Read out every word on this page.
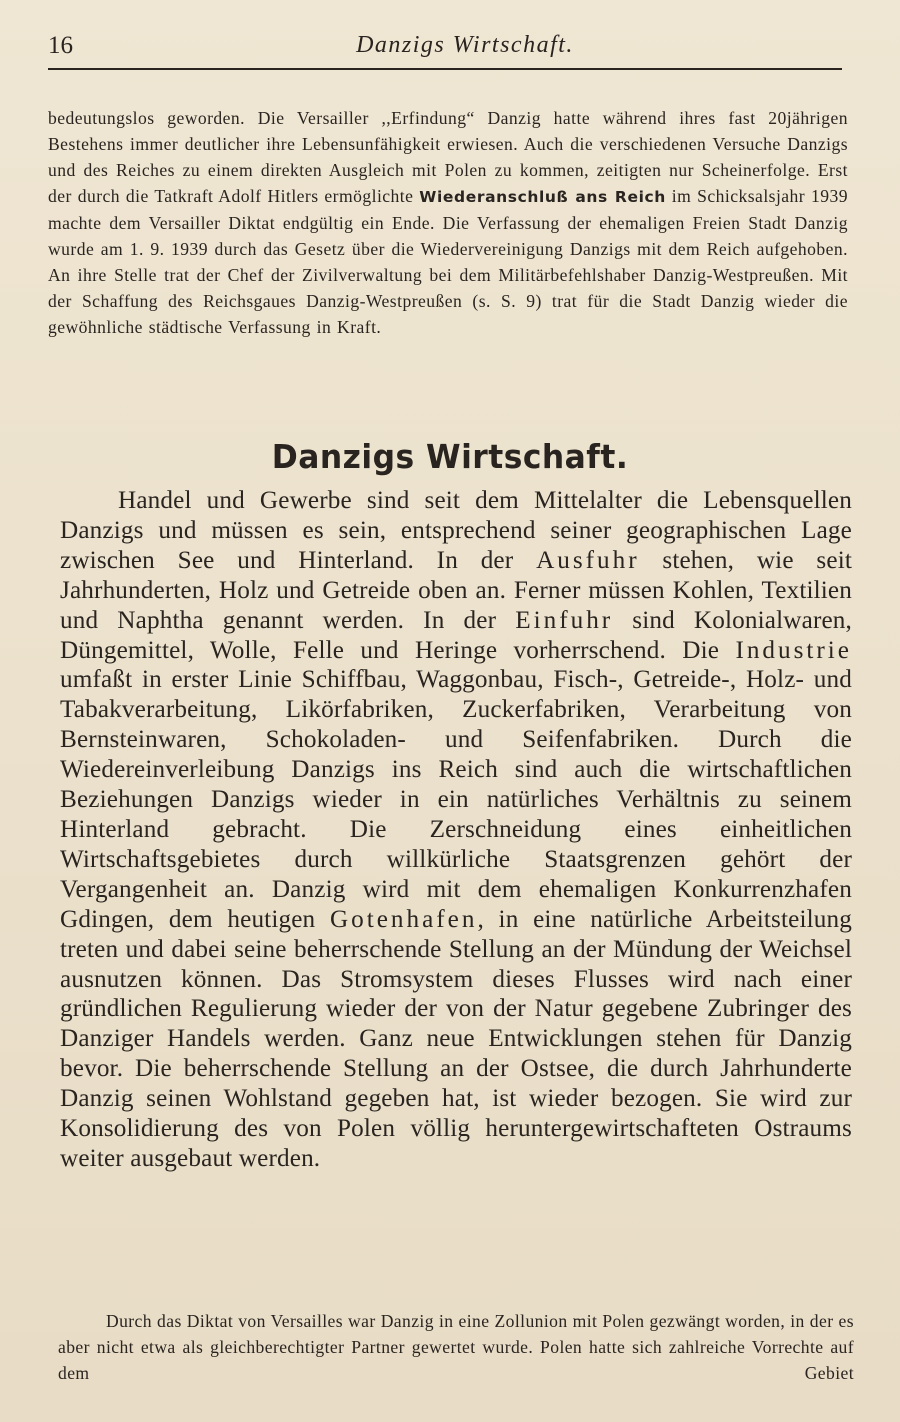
16	Danzigs Wirtschaft.

bedeutungslos geworden. Die Versailler ,,Erfindung“ Danzig hatte während ihres fast 20jährigen Bestehens immer deutlicher ihre Lebensunfähigkeit erwiesen. Auch die verschiedenen Versuche Danzigs und des Reiches zu einem direkten Ausgleich mit Polen zu kommen, zeitigten nur Scheinerfolge. Erst der durch die Tatkraft Adolf Hitlers ermöglichte Wiederanschluß ans Reich im Schicksalsjahr 1939 machte dem Versailler Diktat endgültig ein Ende. Die Verfassung der ehemaligen Freien Stadt Danzig wurde am 1. 9. 1939 durch das Gesetz über die Wiedervereinigung Danzigs mit dem Reich aufgehoben. An ihre Stelle trat der Chef der Zivilverwaltung bei dem Militärbefehlshaber Danzig-Westpreußen. Mit der Schaffung des Reichsgaues Danzig-Westpreußen (s. S. 9) trat für die Stadt Danzig wieder die gewöhnliche städtische Verfassung in Kraft.

Danzigs Wirtschaft.

Handel und Gewerbe sind seit dem Mittelalter die Lebensquellen Danzigs und müssen es sein, entsprechend seiner geographischen Lage zwischen See und Hinterland. In der Ausfuhr stehen, wie seit Jahrhunderten, Holz und Getreide oben an. Ferner müssen Kohlen, Textilien und Naphtha genannt werden. In der Einfuhr sind Kolonialwaren, Düngemittel, Wolle, Felle und Heringe vorherrschend. Die Industrie umfaßt in erster Linie Schiffbau, Waggonbau, Fisch-, Getreide-, Holz- und Tabakverarbeitung, Likörfabriken, Zuckerfabriken, Verarbeitung von Bernsteinwaren, Schokoladen- und Seifenfabriken. Durch die Wiedereinverleibung Danzigs ins Reich sind auch die wirtschaftlichen Beziehungen Danzigs wieder in ein natürliches Verhältnis zu seinem Hinterland gebracht. Die Zerschneidung eines einheitlichen Wirtschaftsgebietes durch willkürliche Staatsgrenzen gehört der Vergangenheit an. Danzig wird mit dem ehemaligen Konkurrenzhafen Gdingen, dem heutigen Gotenhafen, in eine natürliche Arbeitsteilung treten und dabei seine beherrschende Stellung an der Mündung der Weichsel ausnutzen können. Das Stromsystem dieses Flusses wird nach einer gründlichen Regulierung wieder der von der Natur gegebene Zubringer des Danziger Handels werden. Ganz neue Entwicklungen stehen für Danzig bevor. Die beherrschende Stellung an der Ostsee, die durch Jahrhunderte Danzig seinen Wohlstand gegeben hat, ist wieder bezogen. Sie wird zur Konsolidierung des von Polen völlig heruntergewirtschafteten Ostraums weiter ausgebaut werden.

Durch das Diktat von Versailles war Danzig in eine Zollunion mit Polen gezwängt worden, in der es aber nicht etwa als gleichberechtigter Partner gewertet wurde. Polen hatte sich zahlreiche Vorrechte auf dem Gebiet
